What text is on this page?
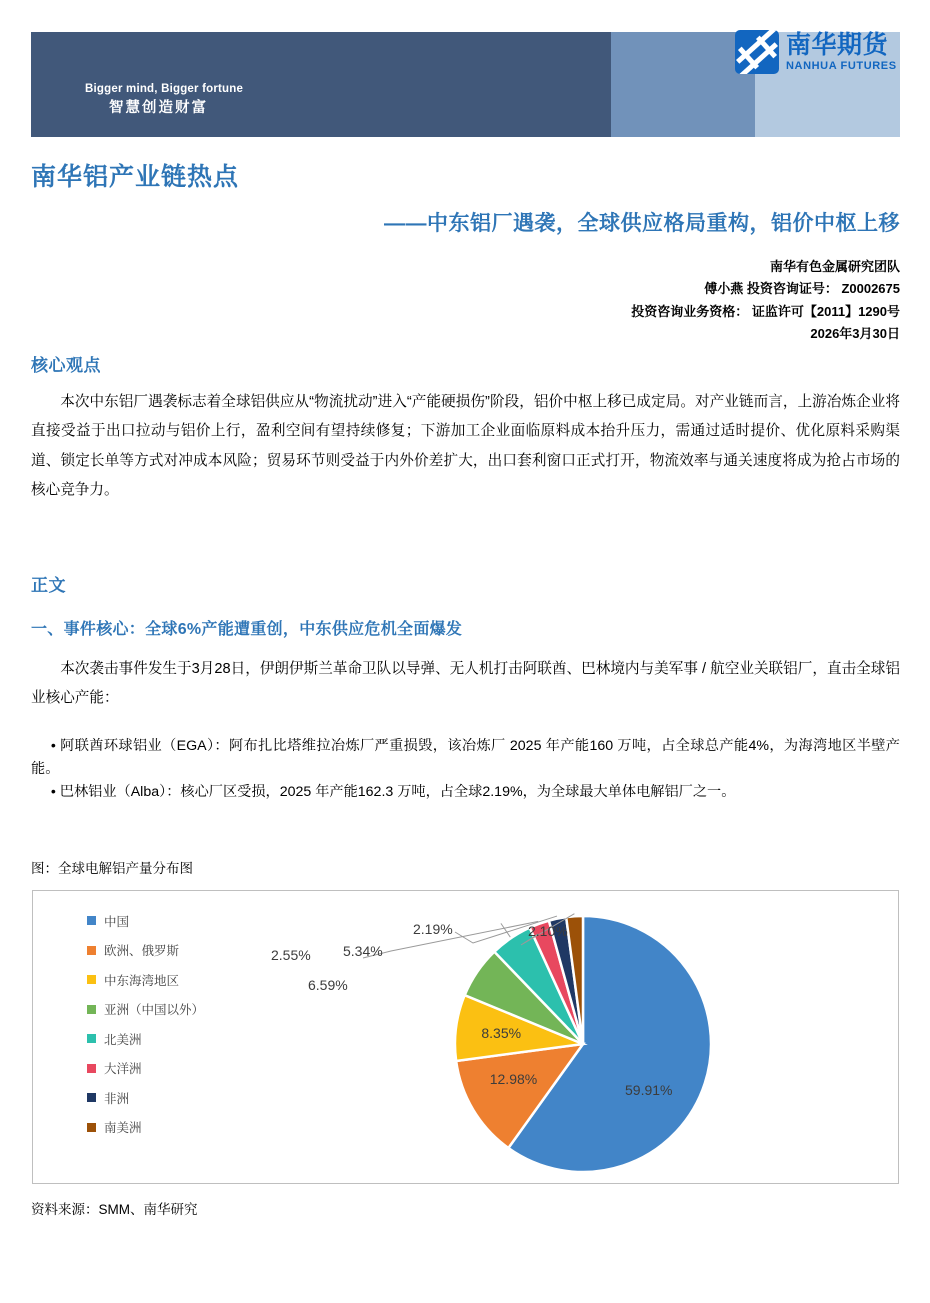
Bigger mind, Bigger fortune
智慧创造财富
南华期货
NANHUA FUTURES
南华铝产业链热点
——中东铝厂遇袭，全球供应格局重构，铝价中枢上移
南华有色金属研究团队
傅小燕 投资咨询证号： Z0002675
投资咨询业务资格： 证监许可【2011】1290号
2026年3月30日
核心观点
本次中东铝厂遇袭标志着全球铝供应从“物流扰动”进入“产能硬损伤”阶段，铝价中枢上移已成定局。对产业链而言，上游冶炼企业将直接受益于出口拉动与铝价上行，盈利空间有望持续修复；下游加工企业面临原料成本抬升压力，需通过适时提价、优化原料采购渠道、锁定长单等方式对冲成本风险；贸易环节则受益于内外价差扩大，出口套利窗口正式打开，物流效率与通关速度将成为抢占市场的核心竞争力。
正文
一、事件核心：全球6%产能遭重创，中东供应危机全面爆发
本次袭击事件发生于3月28日，伊朗伊斯兰革命卫队以导弹、无人机打击阿联酋、巴林境内与美军事 / 航空业关联铝厂，直击全球铝业核心产能：

• 阿联酋环球铝业（EGA）：阿布扎比塔维拉冶炼厂严重损毁，该冶炼厂 2025 年产能160 万吨，占全球总产能4%，为海湾地区半壁产能。

• 巴林铝业（Alba）：核心厂区受损，2025 年产能162.3 万吨，占全球2.19%，为全球最大单体电解铝厂之一。

图：全球电解铝产量分布图
中国
欧洲、俄罗斯
中东海湾地区
亚洲（中国以外）
北美洲
大洋洲
非洲
南美洲
59.91%
12.98%
8.35%
6.59%
5.34%
2.55%
2.19%	2.10%
资料来源：SMM、南华研究
